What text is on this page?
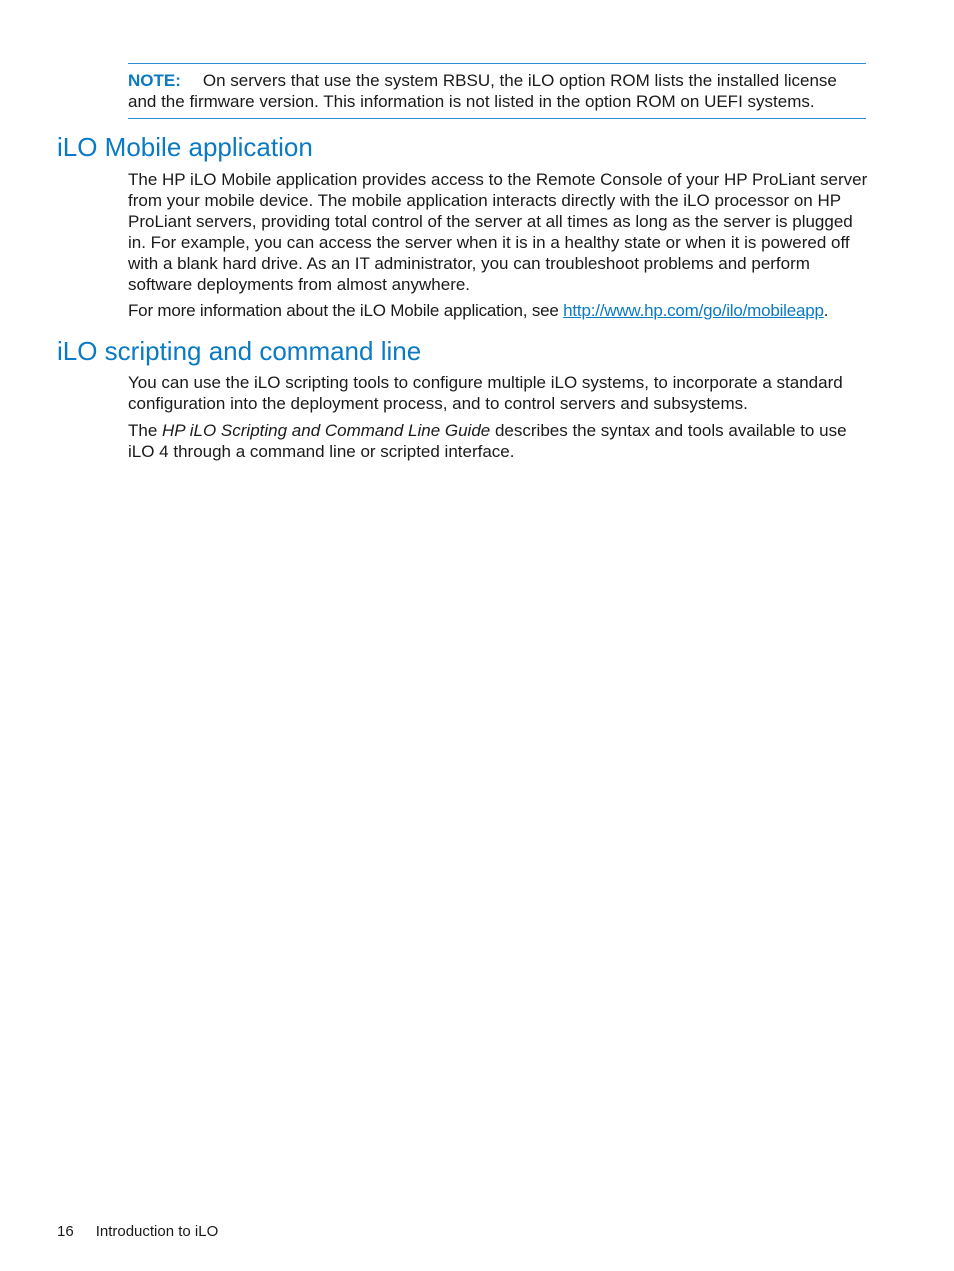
NOTE: On servers that use the system RBSU, the iLO option ROM lists the installed license and the firmware version. This information is not listed in the option ROM on UEFI systems.
iLO Mobile application

The HP iLO Mobile application provides access to the Remote Console of your HP ProLiant server from your mobile device. The mobile application interacts directly with the iLO processor on HP ProLiant servers, providing total control of the server at all times as long as the server is plugged in. For example, you can access the server when it is in a healthy state or when it is powered off with a blank hard drive. As an IT administrator, you can troubleshoot problems and perform software deployments from almost anywhere.

For more information about the iLO Mobile application, see http://www.hp.com/go/ilo/mobileapp.

iLO scripting and command line

You can use the iLO scripting tools to configure multiple iLO systems, to incorporate a standard configuration into the deployment process, and to control servers and subsystems.

The HP iLO Scripting and Command Line Guide describes the syntax and tools available to use iLO 4 through a command line or scripted interface.

16 Introduction to iLO
